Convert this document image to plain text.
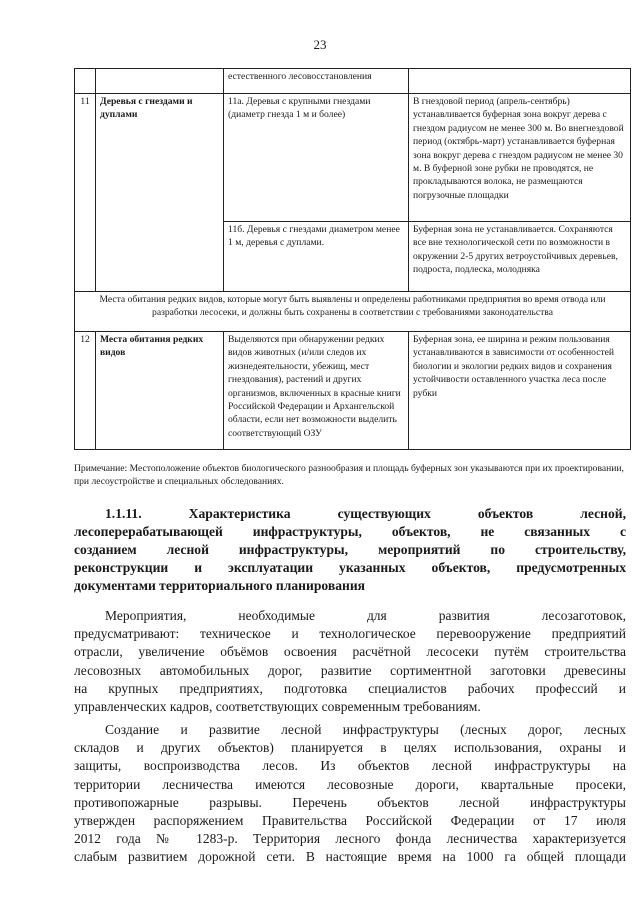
23
		естественного лесовосстановления	
11	Деревья с гнездами и дуплами	11а. Деревья с крупными гнездами (диаметр гнезда 1 м и более)	В гнездовой период (апрель-сентябрь) устанавливается буферная зона вокруг дерева с гнездом радиусом не менее 300 м. Во внегнездовой период (октябрь-март) устанавливается буферная зона вокруг дерева с гнездом радиусом не менее 30 м. В буферной зоне рубки не проводятся, не прокладываются волока, не размещаются погрузочные площадки
		11б. Деревья с гнездами диаметром менее 1 м, деревья с дуплами.	Буферная зона не устанавливается. Сохраняются все вне технологической сети по возможности в окружении 2-5 других ветроустойчивых деревьев, подроста, подлеска, молодняка
Места обитания редких видов, которые могут быть выявлены и определены работниками предприятия во время отвода или разработки лесосеки, и должны быть сохранены в соответствии с требованиями законодательства			
12	Места обитания редких видов	Выделяются при обнаружении редких видов животных (и/или следов их жизнедеятельности, убежищ, мест гнездования), растений и других организмов, включенных в красные книги Российской Федерации и Архангельской области, если нет возможности выделить соответствующий ОЗУ	Буферная зона, ее ширина и режим пользования устанавливаются в зависимости от особенностей биологии и экологии редких видов и сохранения устойчивости оставленного участка леса после рубки
Примечание: Местоположение объектов биологического разнообразия и площадь буферных зон указываются при их проектировании, при лесоустройстве и специальных обследованиях.

1.1.11. Характеристика существующих объектов лесной,

лесоперерабатывающей инфраструктуры, объектов, не связанных с

созданием лесной инфраструктуры, мероприятий по строительству,

реконструкции и эксплуатации указанных объектов, предусмотренных

документами территориального планирования

Мероприятия, необходимые для развития лесозаготовок,
предусматривают: техническое и технологическое перевооружение предприятий
отрасли, увеличение объёмов освоения расчётной лесосеки путём строительства
лесовозных автомобильных дорог, развитие сортиментной заготовки древесины
на крупных предприятиях, подготовка специалистов рабочих профессий и
управленческих кадров, соответствующих современным требованиям.
Создание и развитие лесной инфраструктуры (лесных дорог, лесных
складов и других объектов) планируется в целях использования, охраны и
защиты, воспроизводства лесов. Из объектов лесной инфраструктуры на
территории лесничества имеются лесовозные дороги, квартальные просеки,
противопожарные разрывы. Перечень объектов лесной инфраструктуры
утвержден распоряжением Правительства Российской Федерации от 17 июля
2012 года № 1283-р. Территория лесного фонда лесничества характеризуется
слабым развитием дорожной сети. В настоящие время на 1000 га общей площади
